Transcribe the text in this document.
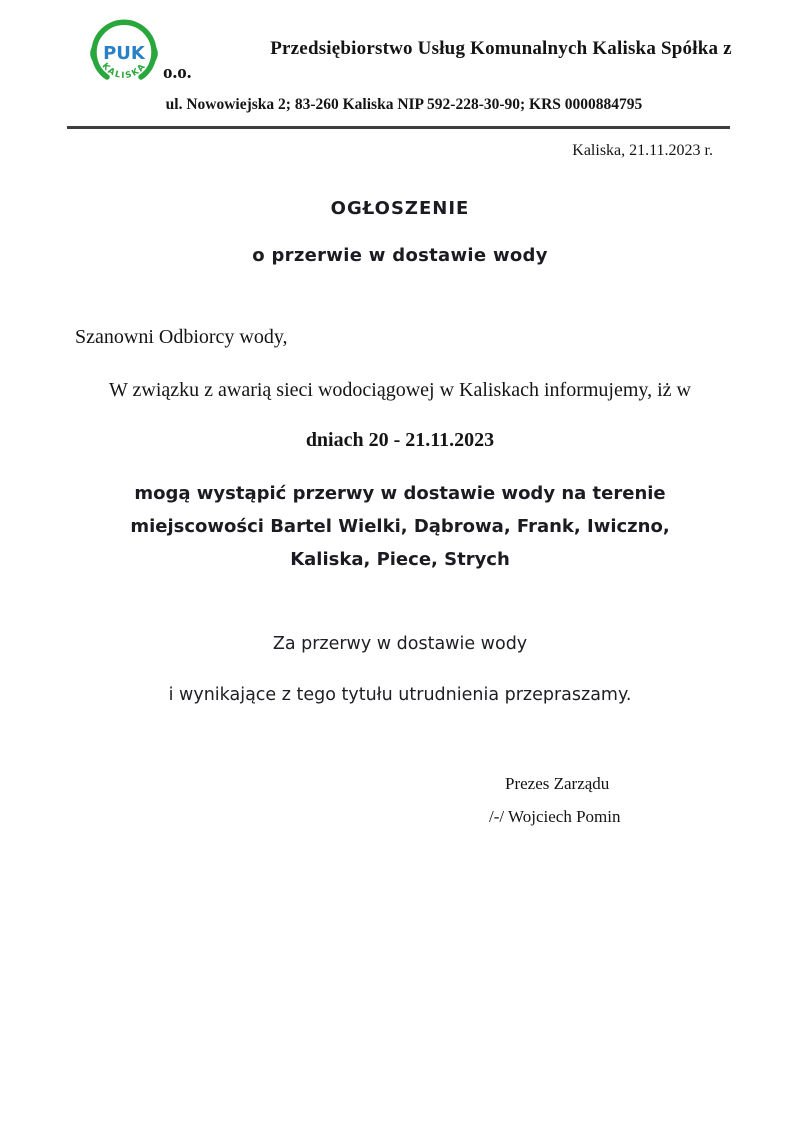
( PUK )
KALISKA
Przedsiębiorstwo Usług Komunalnych Kaliska Spółka z
o.o.
ul. Nowowiejska 2; 83-260 Kaliska NIP 592-228-30-90; KRS 0000884795
Kaliska, 21.11.2023 r.
OGŁOSZENIE
o przerwie w dostawie wody
Szanowni Odbiorcy wody,
W związku z awarią sieci wodociągowej w Kaliskach informujemy, iż w
dniach 20 - 21.11.2023
mogą wystąpić przerwy w dostawie wody na terenie
miejscowości Bartel Wielki, Dąbrowa, Frank, Iwiczno,
Kaliska, Piece, Strych
Za przerwy w dostawie wody
i wynikające z tego tytułu utrudnienia przepraszamy.
Prezes Zarządu
/-/ Wojciech Pomin
